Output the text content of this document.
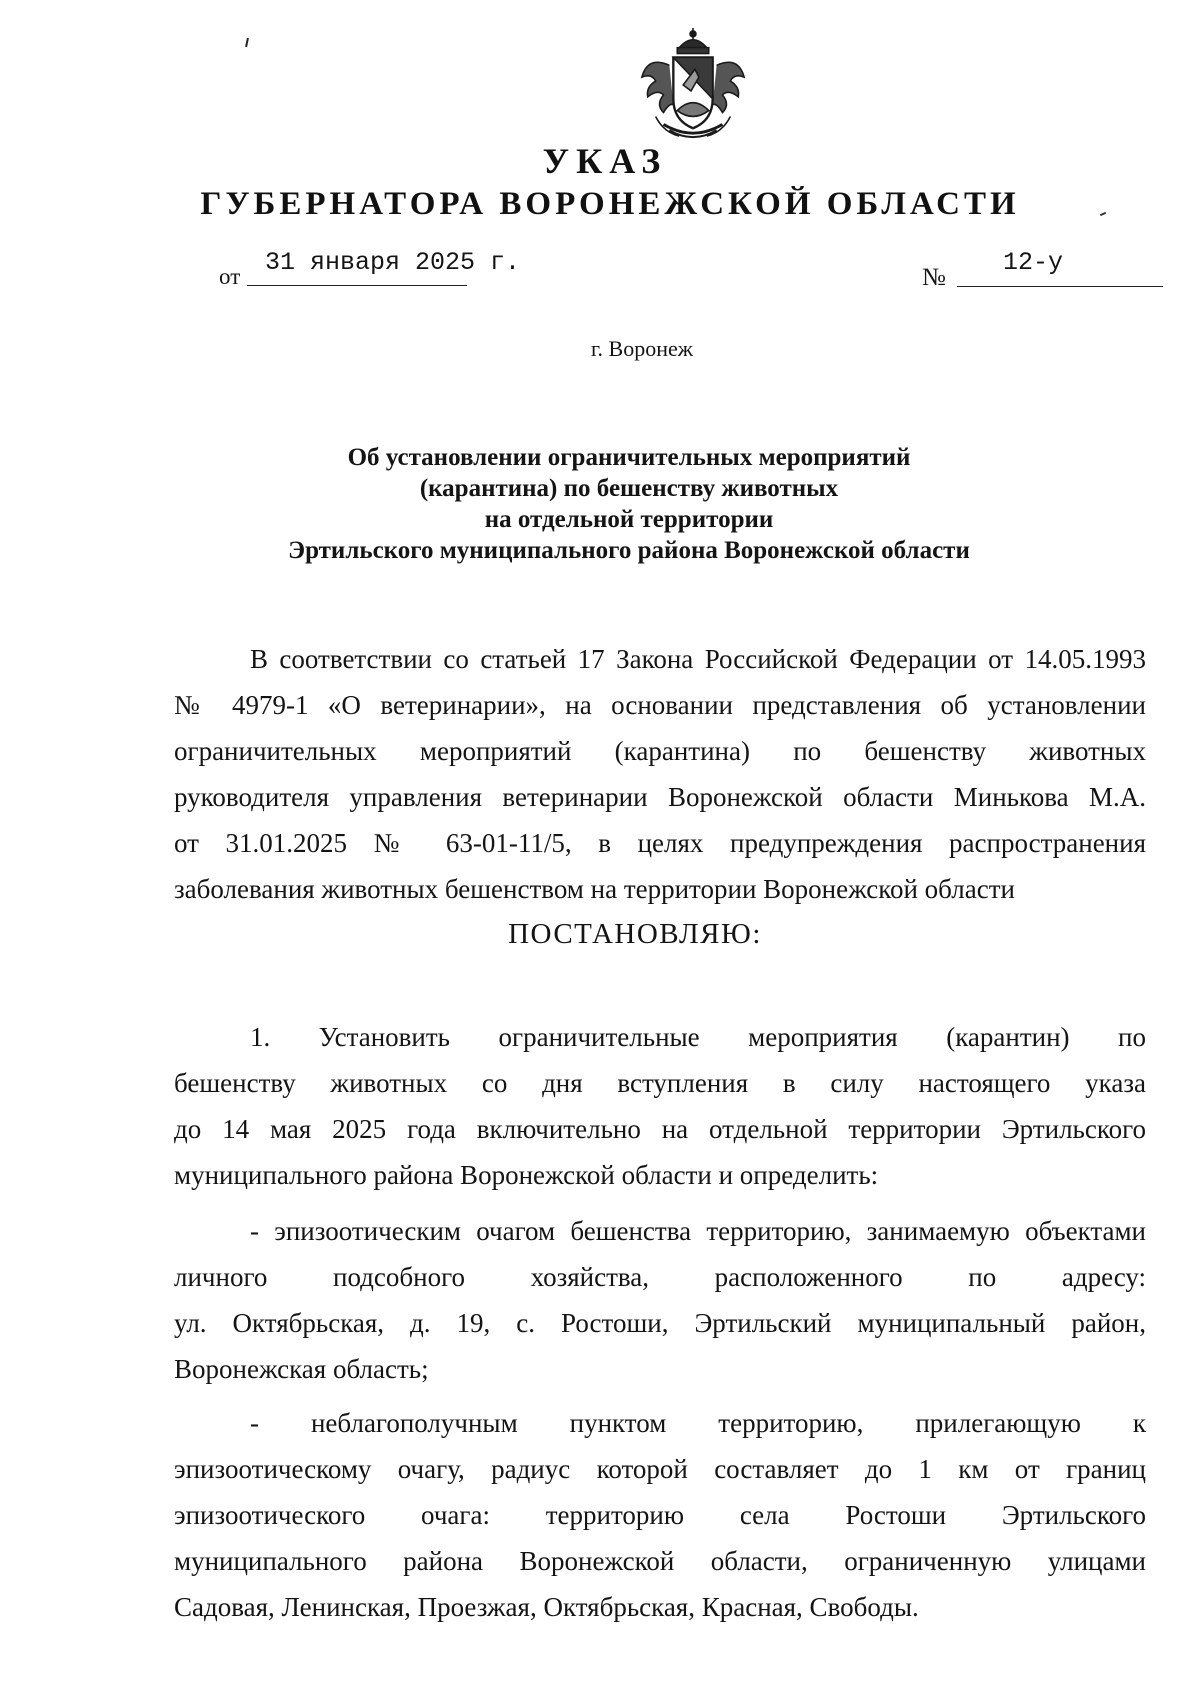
УКАЗ
ГУБЕРНАТОРА ВОРОНЕЖСКОЙ ОБЛАСТИ
от 31 января 2025 г.
№
12-у
г. Воронеж
Об установлении ограничительных мероприятий
(карантина) по бешенству животных
на отдельной территории
Эртильского муниципального района Воронежской области
В соответствии со статьей 17 Закона Российской Федерации от 14.05.1993
№ 4979-1 «О ветеринарии», на основании представления об установлении
ограничительных мероприятий (карантина) по бешенству животных
руководителя управления ветеринарии Воронежской области Минькова М.А.
от 31.01.2025 № 63-01-11/5, в целях предупреждения распространения
заболевания животных бешенством на территории Воронежской области
ПОСТАНОВЛЯЮ:
1. Установить ограничительные мероприятия (карантин) по
бешенству животных со дня вступления в силу настоящего указа
до 14 мая 2025 года включительно на отдельной территории Эртильского
муниципального района Воронежской области и определить:
- эпизоотическим очагом бешенства территорию, занимаемую объектами
личного подсобного хозяйства, расположенного по адресу:
ул. Октябрьская, д. 19, с. Ростоши, Эртильский муниципальный район,
Воронежская область;
- неблагополучным пунктом территорию, прилегающую к
эпизоотическому очагу, радиус которой составляет до 1 км от границ
эпизоотического очага: территорию села Ростоши Эртильского
муниципального района Воронежской области, ограниченную улицами
Садовая, Ленинская, Проезжая, Октябрьская, Красная, Свободы.
